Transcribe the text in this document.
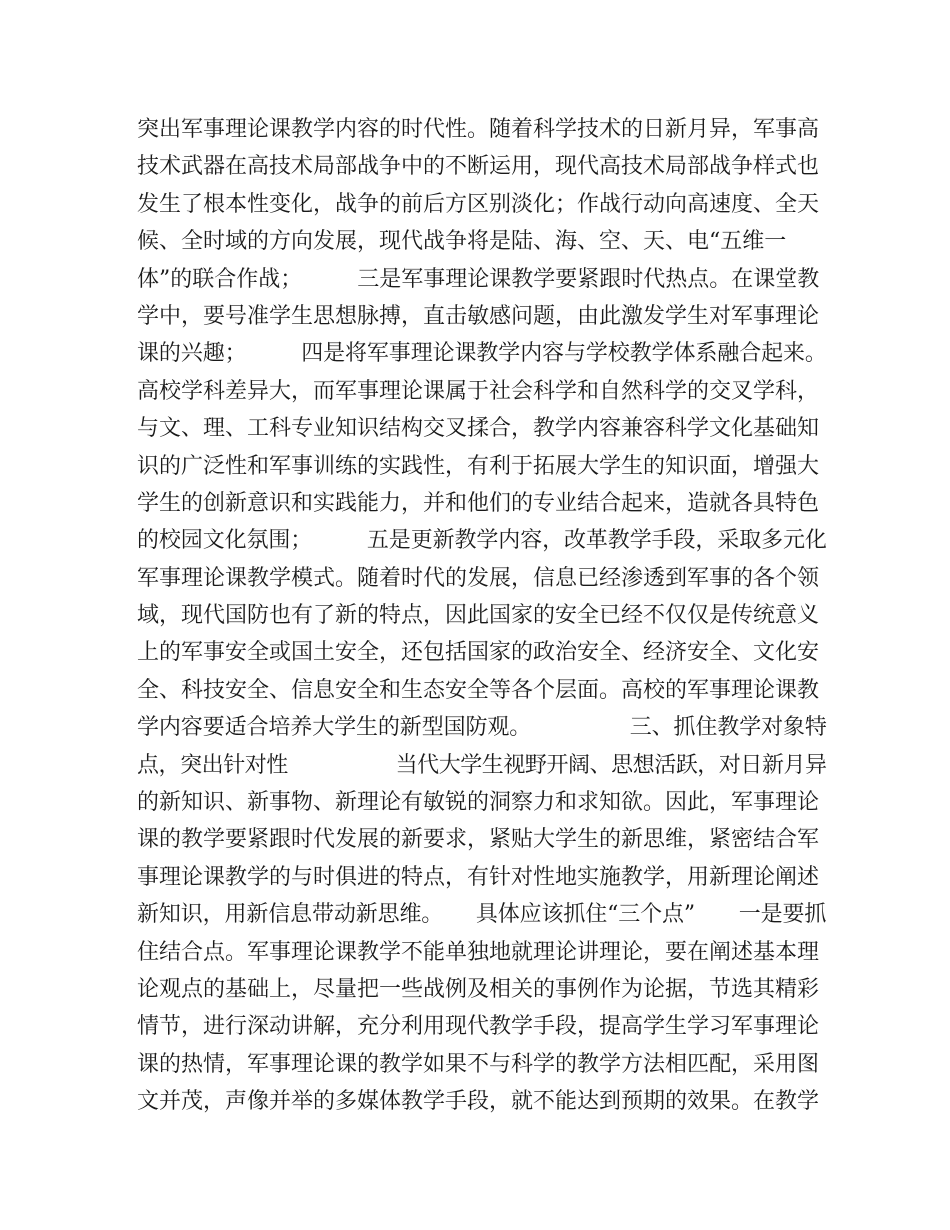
突出军事理论课教学内容的时代性。随着科学技术的日新月异，军事高
技术武器在高技术局部战争中的不断运用，现代高技术局部战争样式也
发生了根本性变化，战争的前后方区别淡化；作战行动向高速度、全天
候、全时域的方向发展，现代战争将是陆、海、空、天、电“五维一
体”的联合作战；　　　三是军事理论课教学要紧跟时代热点。在课堂教
学中，要号准学生思想脉搏，直击敏感问题，由此激发学生对军事理论
课的兴趣；　　　四是将军事理论课教学内容与学校教学体系融合起来。
高校学科差异大，而军事理论课属于社会科学和自然科学的交叉学科，
与文、理、工科专业知识结构交叉揉合，教学内容兼容科学文化基础知
识的广泛性和军事训练的实践性，有利于拓展大学生的知识面，增强大
学生的创新意识和实践能力，并和他们的专业结合起来，造就各具特色
的校园文化氛围；　　　五是更新教学内容，改革教学手段，采取多元化
军事理论课教学模式。随着时代的发展，信息已经渗透到军事的各个领
域，现代国防也有了新的特点，因此国家的安全已经不仅仅是传统意义
上的军事安全或国土安全，还包括国家的政治安全、经济安全、文化安
全、科技安全、信息安全和生态安全等各个层面。高校的军事理论课教
学内容要适合培养大学生的新型国防观。　　　　　三、抓住教学对象特
点，突出针对性　　　　　当代大学生视野开阔、思想活跃，对日新月异
的新知识、新事物、新理论有敏锐的洞察力和求知欲。因此，军事理论
课的教学要紧跟时代发展的新要求，紧贴大学生的新思维，紧密结合军
事理论课教学的与时俱进的特点，有针对性地实施教学，用新理论阐述
新知识，用新信息带动新思维。　　具体应该抓住“三个点”　　一是要抓
住结合点。军事理论课教学不能单独地就理论讲理论，要在阐述基本理
论观点的基础上，尽量把一些战例及相关的事例作为论据，节选其精彩
情节，进行深动讲解，充分利用现代教学手段，提高学生学习军事理论
课的热情，军事理论课的教学如果不与科学的教学方法相匹配，采用图
文并茂，声像并举的多媒体教学手段，就不能达到预期的效果。在教学
